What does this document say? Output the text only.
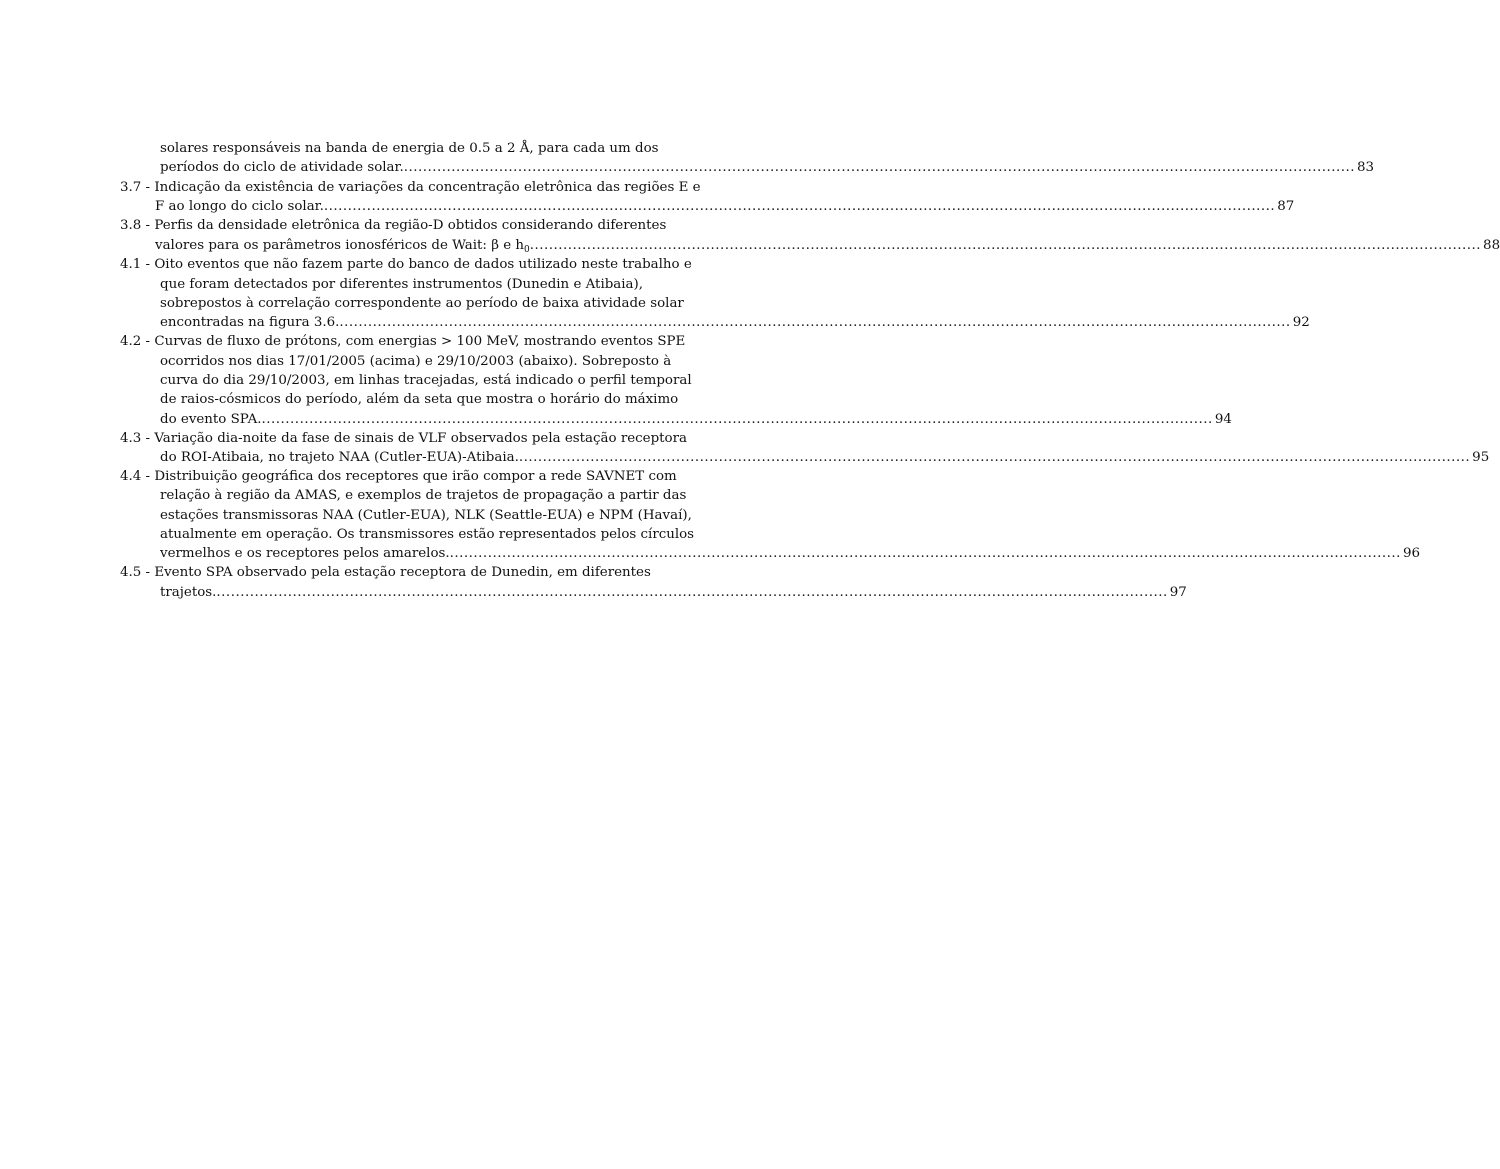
solares responsáveis na banda de energia de 0.5 a 2 Å, para cada um dos
períodos do ciclo de atividade solar. ........................................................................................................................................................................................................ 83
3.7 - Indicação da existência de variações da concentração eletrônica das regiões E e
F ao longo do ciclo solar. ........................................................................................................................................................................................................ 87
3.8 - Perfis da densidade eletrônica da região-D obtidos considerando diferentes
valores para os parâmetros ionosféricos de Wait: β e $h_0$ ........................................................................................................................................................................................................ 88
4.1 - Oito eventos que não fazem parte do banco de dados utilizado neste trabalho e
que foram detectados por diferentes instrumentos (Dunedin e Atibaia),
sobrepostos à correlação correspondente ao período de baixa atividade solar
encontradas na figura 3.6. ........................................................................................................................................................................................................ 92
4.2 - Curvas de fluxo de prótons, com energias > 100 MeV, mostrando eventos SPE
ocorridos nos dias 17/01/2005 (acima) e 29/10/2003 (abaixo). Sobreposto à
curva do dia 29/10/2003, em linhas tracejadas, está indicado o perfil temporal
de raios-cósmicos do período, além da seta que mostra o horário do máximo
do evento SPA. ........................................................................................................................................................................................................ 94
4.3 - Variação dia-noite da fase de sinais de VLF observados pela estação receptora
do ROI-Atibaia, no trajeto NAA (Cutler-EUA)-Atibaia. ........................................................................................................................................................................................................ 95
4.4 - Distribuição geográfica dos receptores que irão compor a rede SAVNET com
relação à região da AMAS, e exemplos de trajetos de propagação a partir das
estações transmissoras NAA (Cutler-EUA), NLK (Seattle-EUA) e NPM (Havaí),
atualmente em operação. Os transmissores estão representados pelos círculos
vermelhos e os receptores pelos amarelos. ........................................................................................................................................................................................................ 96
4.5 - Evento SPA observado pela estação receptora de Dunedin, em diferentes
trajetos. ........................................................................................................................................................................................................ 97
